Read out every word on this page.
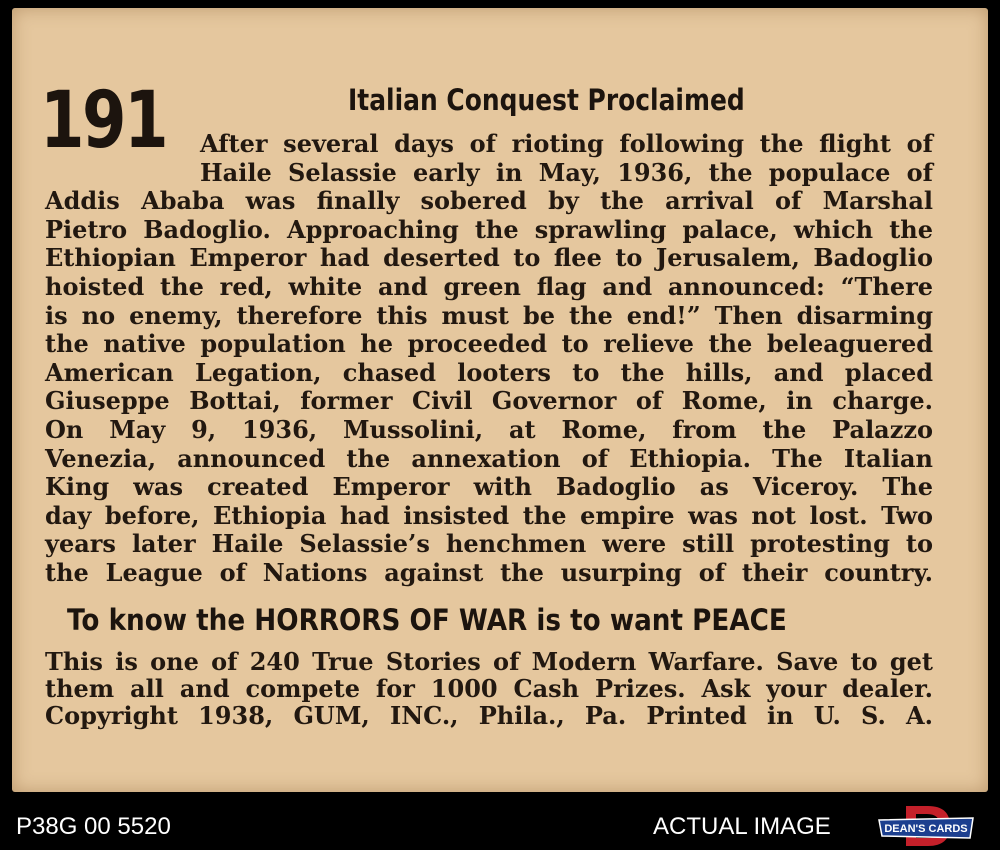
191	Italian Conquest Proclaimed
After several days of rioting following the flight of
Haile Selassie early in May, 1936, the populace of
Addis Ababa was finally sobered by the arrival of Marshal
Pietro Badoglio. Approaching the sprawling palace, which the
Ethiopian Emperor had deserted to flee to Jerusalem, Badoglio
hoisted the red, white and green flag and announced: “There
is no enemy, therefore this must be the end!” Then disarming
the native population he proceeded to relieve the beleaguered
American Legation, chased looters to the hills, and placed
Giuseppe Bottai, former Civil Governor of Rome, in charge.
On May 9, 1936, Mussolini, at Rome, from the Palazzo
Venezia, announced the annexation of Ethiopia. The Italian
King was created Emperor with Badoglio as Viceroy. The
day before, Ethiopia had insisted the empire was not lost. Two
years later Haile Selassie’s henchmen were still protesting to
the League of Nations against the usurping of their country.
To know the HORRORS OF WAR is to want PEACE
This is one of 240 True Stories of Modern Warfare. Save to get
them all and compete for 1000 Cash Prizes. Ask your dealer.
Copyright 1938, GUM, INC., Phila., Pa. Printed in U. S. A.
P38G 00 5520	ACTUAL IMAGE	DEAN'S CARDS
